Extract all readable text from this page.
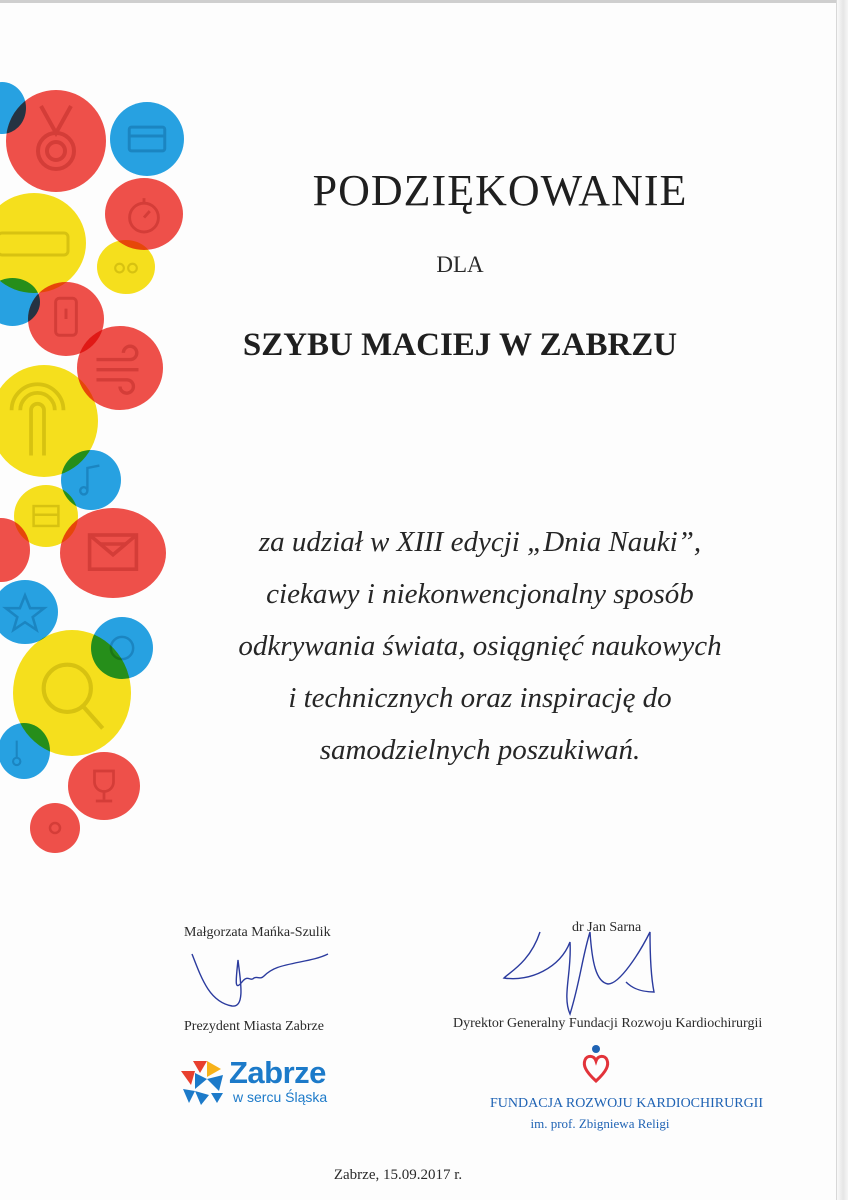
PODZIĘKOWANIE
DLA
SZYBU MACIEJ W ZABRZU
za udział w XIII edycji „Dnia Nauki”,
ciekawy i niekonwencjonalny sposób
odkrywania świata, osiągnięć naukowych
i technicznych oraz inspirację do
samodzielnych poszukiwań.
Małgorzata Mańka-Szulik
Prezydent Miasta Zabrze
dr Jan Sarna
Dyrektor Generalny Fundacji Rozwoju Kardiochirurgii
Zabrze
w sercu Śląska	FUNDACJA ROZWOJU KARDIOCHIRURGII
im. prof. Zbigniewa Religi
Zabrze, 15.09.2017 r.
